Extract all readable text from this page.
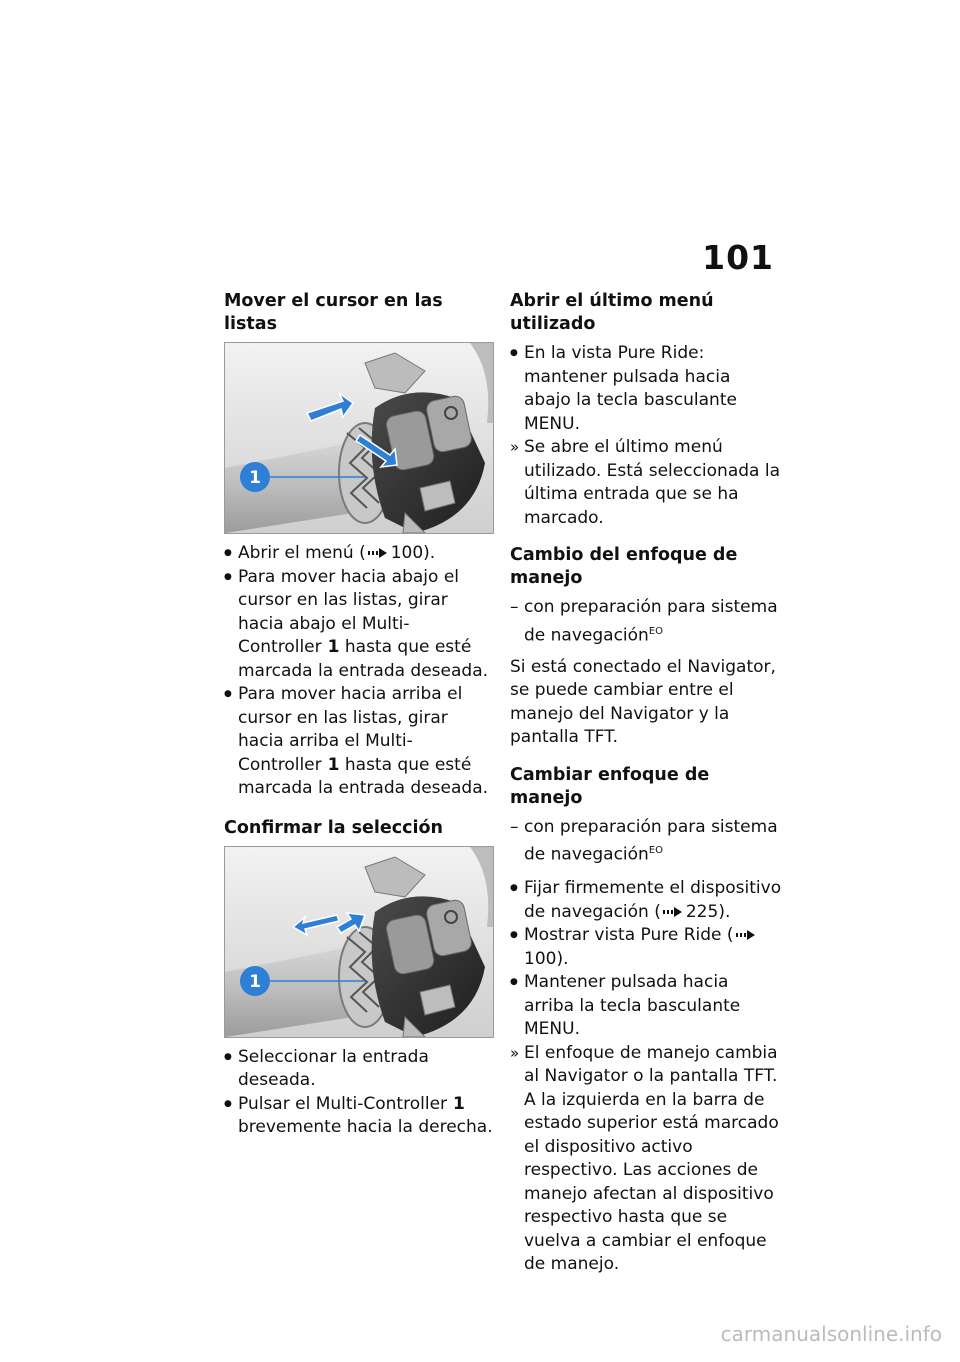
101
Mover el cursor en las listas
1
●
Abrir el menú ( 100).
●
Para mover hacia abajo el cursor en las listas, girar hacia abajo el Multi-Controller 1 hasta que esté marcada la entrada deseada.
●
Para mover hacia arriba el cursor en las listas, girar hacia arriba el Multi-Controller 1 hasta que esté marcada la entrada deseada.
Confirmar la selección
1
●
Seleccionar la entrada deseada.
●
Pulsar el Multi-Controller 1 brevemente hacia la derecha.
Abrir el último menú utilizado
●
En la vista Pure Ride: mantener pulsada hacia abajo la tecla basculante MENU.
»
Se abre el último menú utilizado. Está seleccionada la última entrada que se ha marcado.
Cambio del enfoque de manejo
–
con preparación para sistema de navegación$^{EO}$

Si está conectado el Navigator, se puede cambiar entre el manejo del Navigator y la pantalla TFT.

Cambiar enfoque de manejo
–
con preparación para sistema de navegación$^{EO}$
●
Fijar firmemente el dispositivo de navegación ( 225).
●
Mostrar vista Pure Ride (100).
●
Mantener pulsada hacia arriba la tecla basculante MENU.
»
El enfoque de manejo cambia al Navigator o la pantalla TFT. A la izquierda en la barra de estado superior está marcado el dispositivo activo respectivo. Las acciones de manejo afectan al dispositivo respectivo hasta que se vuelva a cambiar el enfoque de manejo.
carmanualsonline.info
